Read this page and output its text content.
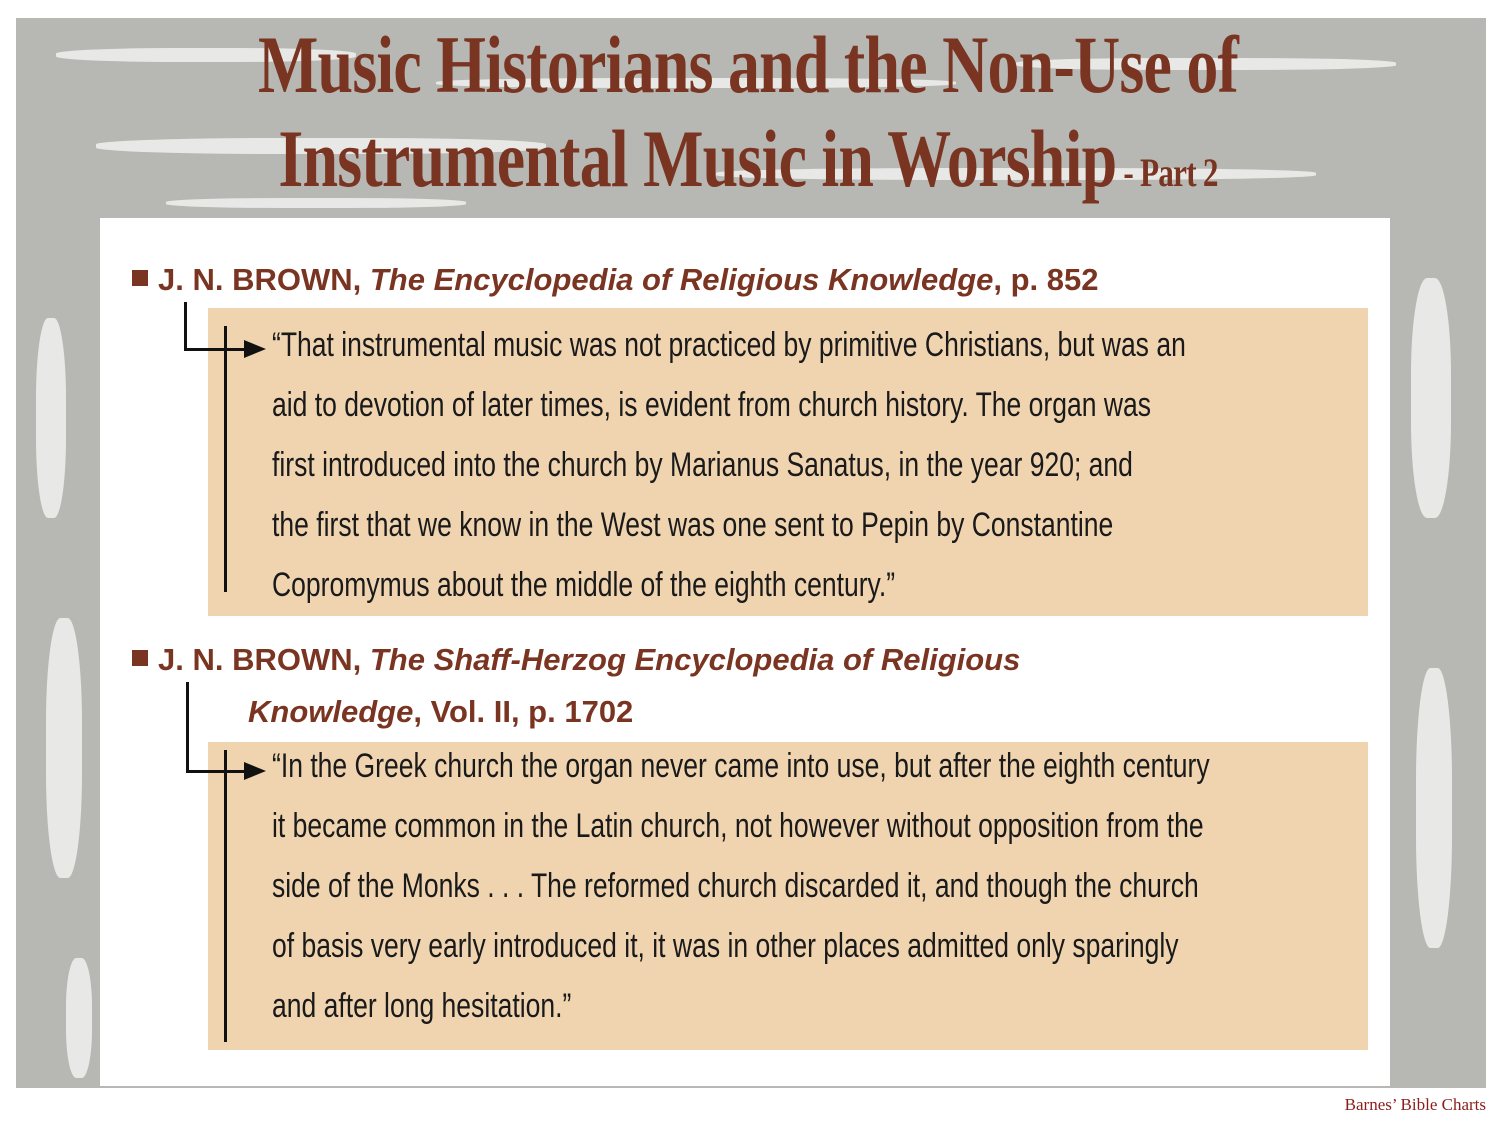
Music Historians and the Non-Use of
Instrumental Music in Worship - Part 2
J. N. BROWN, The Encyclopedia of Religious Knowledge, p. 852
“That instrumental music was not practiced by primitive Christians, but was an
aid to devotion of later times, is evident from church history. The organ was
first introduced into the church by Marianus Sanatus, in the year 920; and
the first that we know in the West was one sent to Pepin by Constantine
Copromymus about the middle of the eighth century.”
J. N. BROWN, The Shaff-Herzog Encyclopedia of Religious
Knowledge, Vol. II, p. 1702
“In the Greek church the organ never came into use, but after the eighth century
it became common in the Latin church, not however without opposition from the
side of the Monks . . . The reformed church discarded it, and though the church
of basis very early introduced it, it was in other places admitted only sparingly
and after long hesitation.”
Barnes’ Bible Charts
